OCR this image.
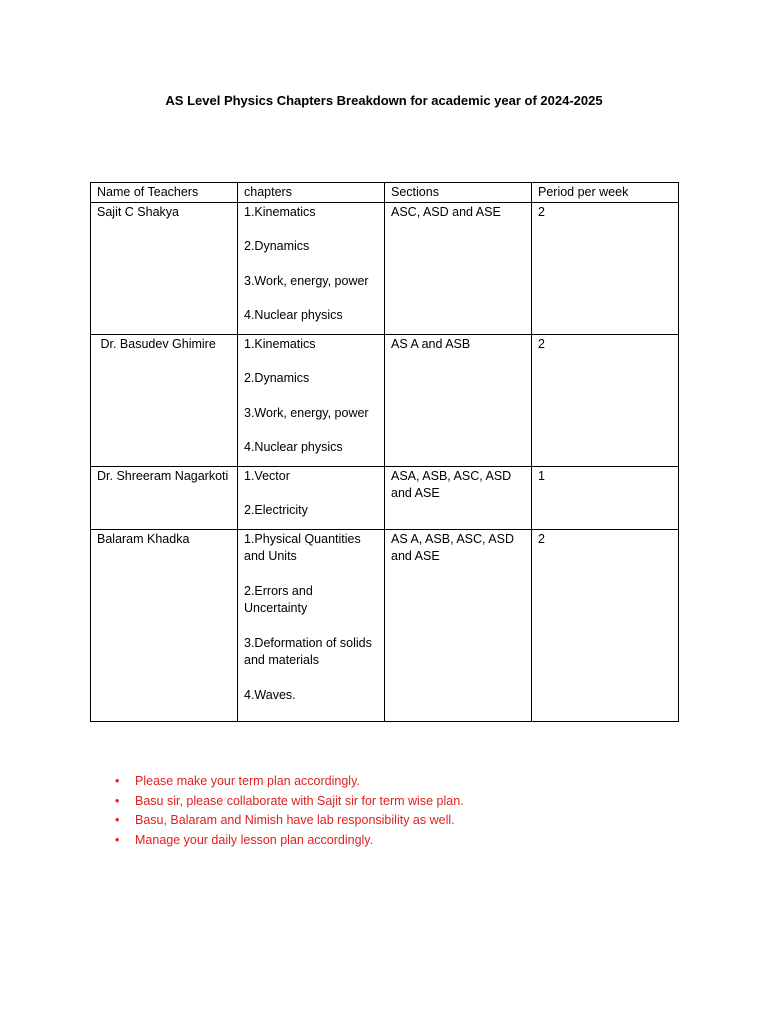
AS Level Physics Chapters Breakdown for academic year of 2024-2025
Name of Teachers	chapters	Sections	Period per week
Sajit C Shakya	1.Kinematics

2.Dynamics

3.Work, energy, power

4.Nuclear physics	ASC, ASD and ASE	2
Dr. Basudev Ghimire	1.Kinematics

2.Dynamics

3.Work, energy, power

4.Nuclear physics	AS A and ASB	2
Dr. Shreeram Nagarkoti	1.Vector

2.Electricity	ASA, ASB, ASC, ASD and ASE	1
Balaram Khadka	1.Physical Quantities and Units

2.Errors and Uncertainty

3.Deformation of solids and materials

4.Waves.	AS A, ASB, ASC, ASD and ASE	2
• Please make your term plan accordingly.
• Basu sir, please collaborate with Sajit sir for term wise plan.
• Basu, Balaram and Nimish have lab responsibility as well.
• Manage your daily lesson plan accordingly.
